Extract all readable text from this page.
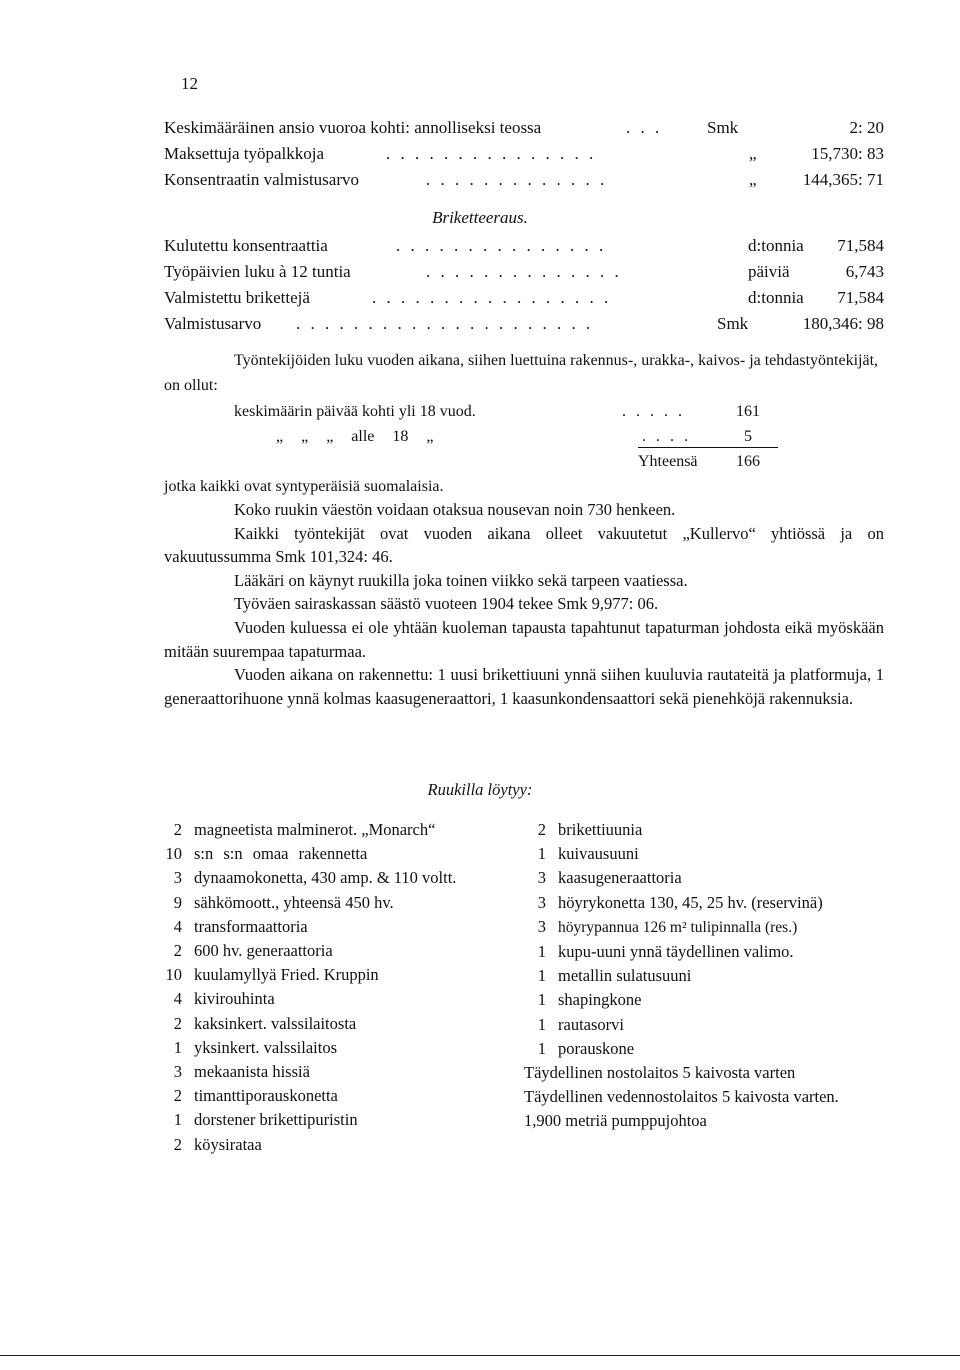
12
Keskimääräinen ansio vuoroa kohti: annolliseksi teossa	. . .	Smk	2: 20
Maksettuja työpalkkoja	. . . . . . . . . . . . . . .	„	15,730: 83
Konsentraatin valmistusarvo	. . . . . . . . . . . . .	„	144,365: 71
Briketteeraus.
Kulutettu konsentraattia	. . . . . . . . . . . . . . .	d:tonnia 71,584
Työpäivien luku à 12 tuntia	. . . . . . . . . . . . . .	päiviä	6,743
Valmistettu brikettejä	. . . . . . . . . . . . . . . . .	d:tonnia 71,584
Valmistusarvo . . . . . . . . . . . . . . . . . . . . .	Smk	180,346: 98

Työntekijöiden luku vuoden aikana, siihen luettuina rakennus-, urakka-, kaivos- ja tehdastyöntekijät, on ollut:

keskimäärin päivää kohti yli 18 vuod.	. . . . .	161
„ „ „ alle 18 „	. . . .	5
Yhteensä 166

jotka kaikki ovat syntyperäisiä suomalaisia.

Koko ruukin väestön voidaan otaksua nousevan noin 730 henkeen.

Kaikki työntekijät ovat vuoden aikana olleet vakuutetut „Kullervo“ yhtiössä ja on vakuutussumma Smk 101,324: 46.

Lääkäri on käynyt ruukilla joka toinen viikko sekä tarpeen vaatiessa.

Työväen sairaskassan säästö vuoteen 1904 tekee Smk 9,977: 06.

Vuoden kuluessa ei ole yhtään kuoleman tapausta tapahtunut tapaturman johdosta eikä myöskään mitään suurempaa tapaturmaa.

Vuoden aikana on rakennettu: 1 uusi brikettiuuni ynnä siihen kuuluvia rautateitä ja platformuja, 1 generaattorihuone ynnä kolmas kaasugeneraattori, 1 kaasunkondensaattori sekä pienehköjä rakennuksia.

Ruukilla löytyy:
2 magneetista malminerot. „Monarch“
10 s:n s:n omaa rakennetta
3 dynaamokonetta, 430 amp. & 110 voltt.
9 sähkömoott., yhteensä 450 hv.
4 transformaattoria
2 600 hv. generaattoria
10 kuulamyllyä Fried. Kruppin
4 kivirouhinta
2 kaksinkert. valssilaitosta
1 yksinkert. valssilaitos
3 mekaanista hissiä
2 timanttiporauskonetta
1 dorstener brikettipuristin
2 köysirataa
2 brikettiuunia
1 kuivausuuni
3 kaasugeneraattoria
3 höyrykonetta 130, 45, 25 hv. (reservinä)
3 höyrypannua 126 m² tulipinnalla (res.)
1 kupu-uuni ynnä täydellinen valimo.
1 metallin sulatusuuni
1 shapingkone
1 rautasorvi
1 porauskone
Täydellinen nostolaitos 5 kaivosta varten
Täydellinen vedennostolaitos 5 kaivosta varten.
1,900 metriä pumppujohtoa
